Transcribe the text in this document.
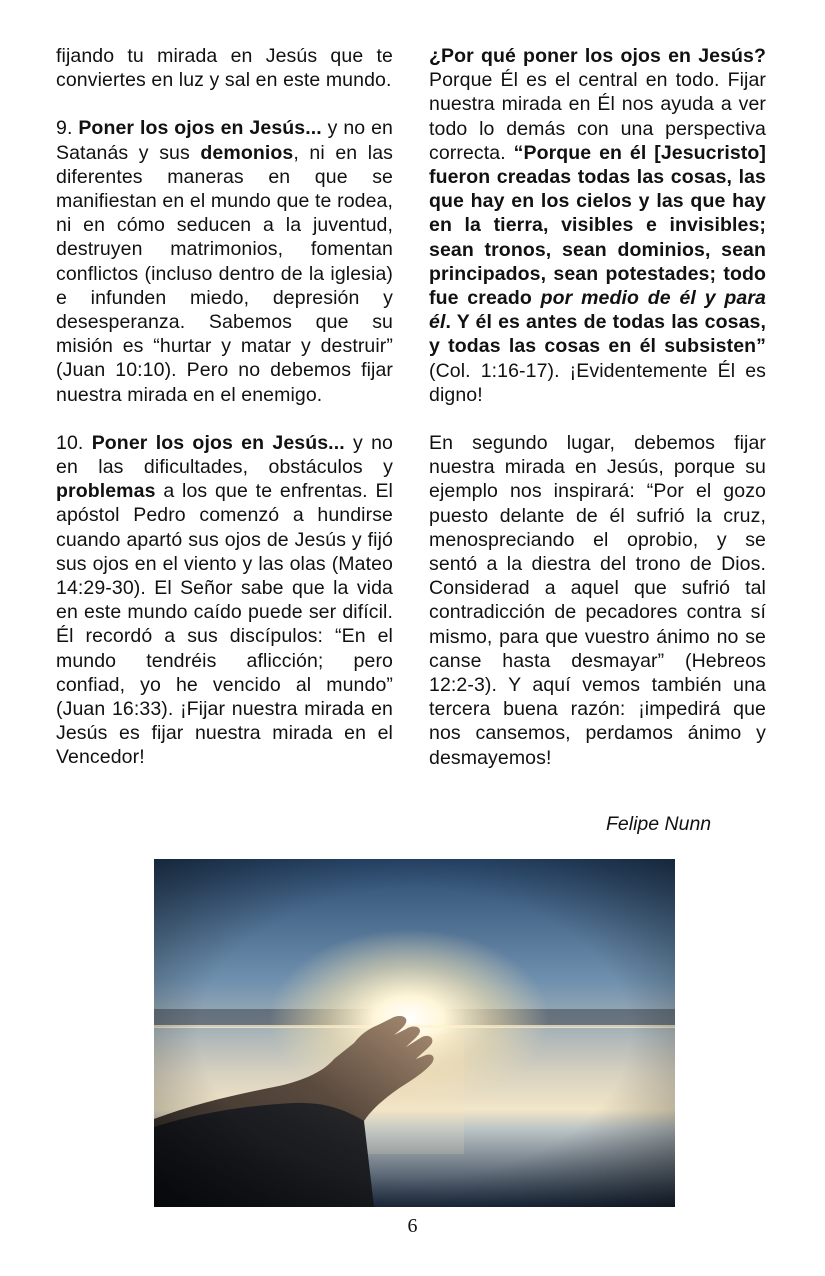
fijando tu mirada en Jesús que te conviertes en luz y sal en este mundo.

9. Poner los ojos en Jesús... y no en Satanás y sus demonios, ni en las diferentes maneras en que se manifiestan en el mundo que te rodea, ni en cómo seducen a la juventud, destruyen matrimonios, fomentan conflictos (incluso dentro de la iglesia) e infunden miedo, depresión y desesperanza. Sabemos que su misión es “hurtar y matar y destruir” (Juan 10:10). Pero no debemos fijar nuestra mirada en el enemigo.

10. Poner los ojos en Jesús... y no en las dificultades, obstáculos y problemas a los que te enfrentas. El apóstol Pedro comenzó a hundirse cuando apartó sus ojos de Jesús y fijó sus ojos en el viento y las olas (Mateo 14:29-30). El Señor sabe que la vida en este mundo caído puede ser difícil. Él recordó a sus discípulos: “En el mundo tendréis aflicción; pero confiad, yo he vencido al mundo” (Juan 16:33). ¡Fijar nuestra mirada en Jesús es fijar nuestra mirada en el Vencedor!

¿Por qué poner los ojos en Jesús? Porque Él es el central en todo. Fijar nuestra mirada en Él nos ayuda a ver todo lo demás con una perspectiva correcta. “Porque en él [Jesucristo] fueron creadas todas las cosas, las que hay en los cielos y las que hay en la tierra, visibles e invisibles; sean tronos, sean dominios, sean principados, sean potestades; todo fue creado por medio de él y para él. Y él es antes de todas las cosas, y todas las cosas en él subsisten” (Col. 1:16-17). ¡Evidentemente Él es digno!

En segundo lugar, debemos fijar nuestra mirada en Jesús, porque su ejemplo nos inspirará: “Por el gozo puesto delante de él sufrió la cruz, menospreciando el oprobio, y se sentó a la diestra del trono de Dios. Considerad a aquel que sufrió tal contradicción de pecadores contra sí mismo, para que vuestro ánimo no se canse hasta desmayar” (Hebreos 12:2-3). Y aquí vemos también una tercera buena razón: ¡impedirá que nos cansemos, perdamos ánimo y desmayemos!

Felipe Nunn
6
